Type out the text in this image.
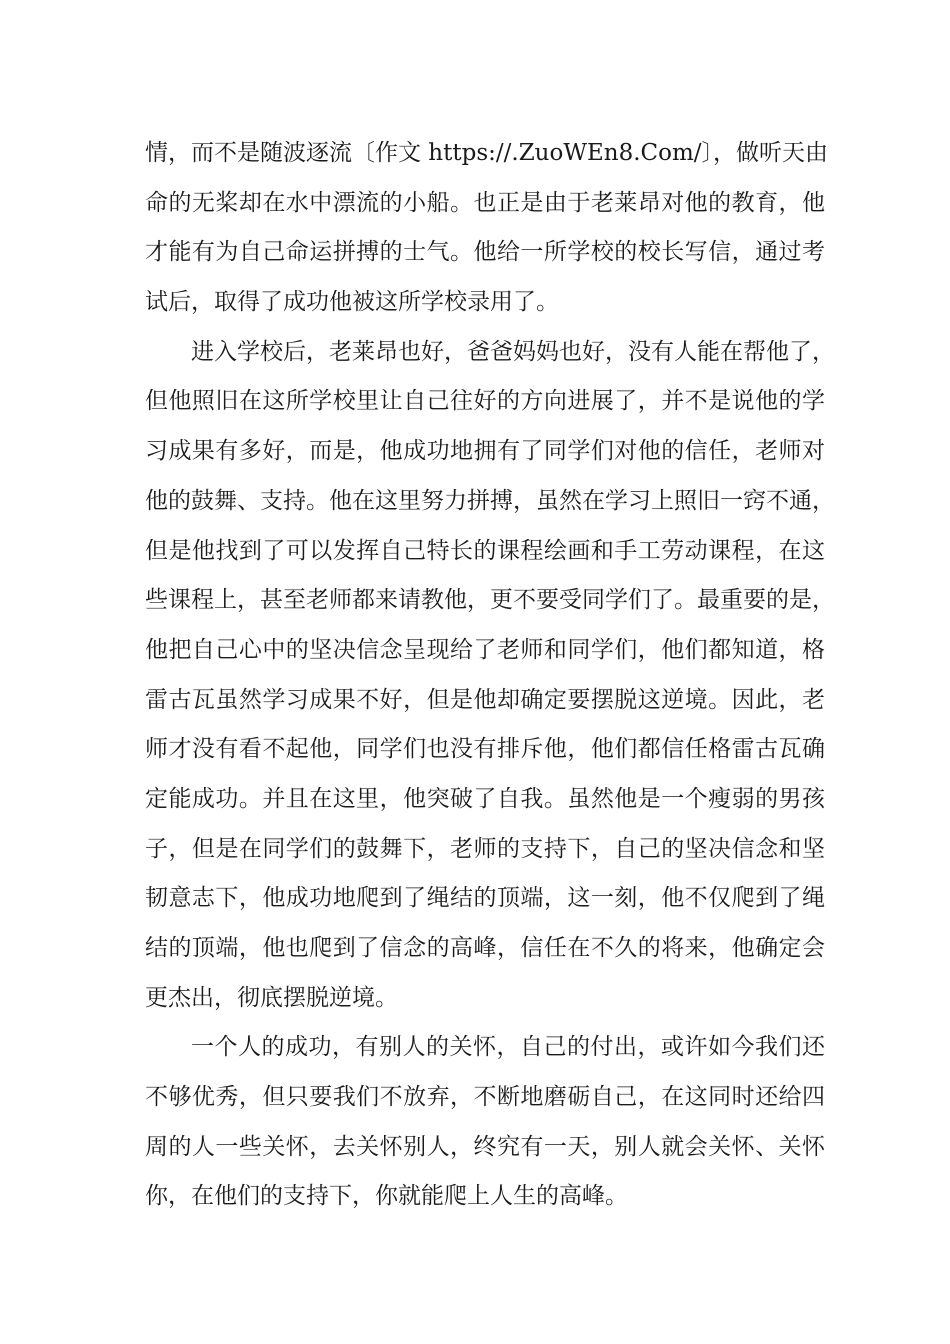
情，而不是随波逐流〔作文 https://.ZuoWEn8.Com/〕，做听天由
命的无桨却在水中漂流的小船。也正是由于老莱昂对他的教育，他
才能有为自己命运拼搏的士气。他给一所学校的校长写信，通过考
试后，取得了成功他被这所学校录用了。

进入学校后，老莱昂也好，爸爸妈妈也好，没有人能在帮他了，
但他照旧在这所学校里让自己往好的方向进展了，并不是说他的学
习成果有多好，而是，他成功地拥有了同学们对他的信任，老师对
他的鼓舞、支持。他在这里努力拼搏，虽然在学习上照旧一窍不通，
但是他找到了可以发挥自己特长的课程绘画和手工劳动课程，在这
些课程上，甚至老师都来请教他，更不要受同学们了。最重要的是，
他把自己心中的坚决信念呈现给了老师和同学们，他们都知道，格
雷古瓦虽然学习成果不好，但是他却确定要摆脱这逆境。因此，老
师才没有看不起他，同学们也没有排斥他，他们都信任格雷古瓦确
定能成功。并且在这里，他突破了自我。虽然他是一个瘦弱的男孩
子，但是在同学们的鼓舞下，老师的支持下，自己的坚决信念和坚
韧意志下，他成功地爬到了绳结的顶端，这一刻，他不仅爬到了绳
结的顶端，他也爬到了信念的高峰，信任在不久的将来，他确定会
更杰出，彻底摆脱逆境。

一个人的成功，有别人的关怀，自己的付出，或许如今我们还
不够优秀，但只要我们不放弃，不断地磨砺自己，在这同时还给四
周的人一些关怀，去关怀别人，终究有一天，别人就会关怀、关怀
你，在他们的支持下，你就能爬上人生的高峰。
